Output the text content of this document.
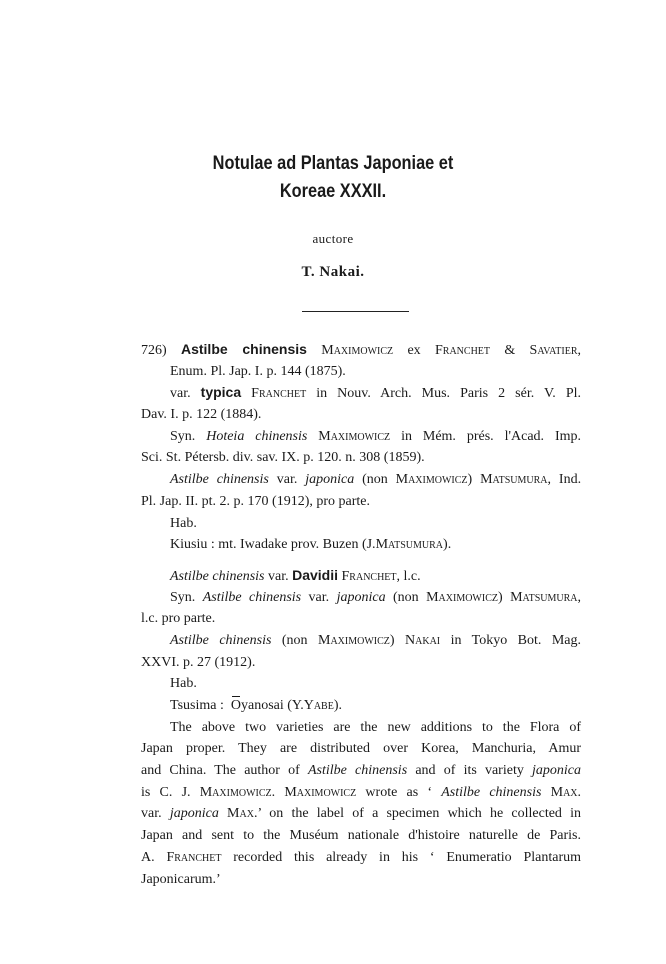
Notulae ad Plantas Japoniae et
Koreae XXXII.
auctore
T. Nakai.
726) Astilbe chinensis Maximowicz ex Franchet & Savatier,
Enum. Pl. Jap. I. p. 144 (1875).
var. typica Franchet in Nouv. Arch. Mus. Paris 2 sér. V. Pl.
Dav. I. p. 122 (1884).
Syn. Hoteia chinensis Maximowicz in Mém. prés. l'Acad. Imp.
Sci. St. Pétersb. div. sav. IX. p. 120. n. 308 (1859).
Astilbe chinensis var. japonica (non Maximowicz) Matsumura, Ind.
Pl. Jap. II. pt. 2. p. 170 (1912), pro parte.
Hab.
Kiusiu : mt. Iwadake prov. Buzen (J.Matsumura).
Astilbe chinensis var. Davidii Franchet, l.c.
Syn. Astilbe chinensis var. japonica (non Maximowicz) Matsumura,
l.c. pro parte.
Astilbe chinensis (non Maximowicz) Nakai in Tokyo Bot. Mag.
XXVI. p. 27 (1912).
Hab.
Tsusima : Oyanosai (Y.Yabe).
The above two varieties are the new additions to the Flora of
Japan proper. They are distributed over Korea, Manchuria, Amur
and China. The author of Astilbe chinensis and of its variety japonica
is C. J. Maximowicz. Maximowicz wrote as ‘ Astilbe chinensis Max.
var. japonica Max.’ on the label of a specimen which he collected in
Japan and sent to the Muséum nationale d'histoire naturelle de Paris.
A. Franchet recorded this already in his ‘ Enumeratio Plantarum
Japonicarum.’
